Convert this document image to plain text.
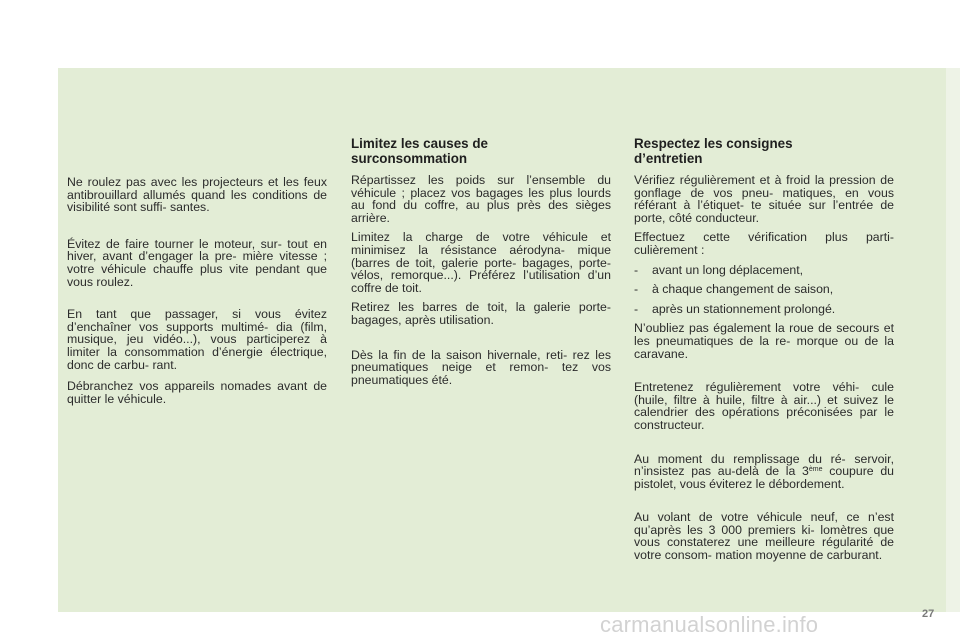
Ne roulez pas avec les projecteurs et les feux antibrouillard allumés quand les conditions de visibilité sont suffi- santes.

Évitez de faire tourner le moteur, sur- tout en hiver, avant d’engager la pre- mière vitesse ; votre véhicule chauffe plus vite pendant que vous roulez.

En tant que passager, si vous évitez d’enchaîner vos supports multimé- dia (film, musique, jeu vidéo...), vous participerez à limiter la consommation d’énergie électrique, donc de carbu- rant.

Débranchez vos appareils nomades avant de quitter le véhicule.

Limitez les causes de
surconsommation

Répartissez les poids sur l’ensemble du véhicule ; placez vos bagages les plus lourds au fond du coffre, au plus près des sièges arrière.

Limitez la charge de votre véhicule et minimisez la résistance aérodyna- mique (barres de toit, galerie porte- bagages, porte-vélos, remorque...). Préférez l’utilisation d’un coffre de toit.

Retirez les barres de toit, la galerie porte-bagages, après utilisation.

Dès la fin de la saison hivernale, reti- rez les pneumatiques neige et remon- tez vos pneumatiques été.

Respectez les consignes
d’entretien

Vérifiez régulièrement et à froid la pression de gonflage de vos pneu- matiques, en vous référant à l’étiquet- te située sur l’entrée de porte, côté conducteur.

Effectuez cette vérification plus parti- culièrement :

-	avant un long déplacement,
-	à chaque changement de saison,
-	après un stationnement prolongé.

N’oubliez pas également la roue de secours et les pneumatiques de la re- morque ou de la caravane.

Entretenez régulièrement votre véhi- cule (huile, filtre à huile, filtre à air...) et suivez le calendrier des opérations préconisées par le constructeur.

Au moment du remplissage du ré- servoir, n’insistez pas au-delà de la 3ème coupure du pistolet, vous éviterez le débordement.

Au volant de votre véhicule neuf, ce n’est qu’après les 3 000 premiers ki- lomètres que vous constaterez une meilleure régularité de votre consom- mation moyenne de carburant.

carmanualsonline.info	27
